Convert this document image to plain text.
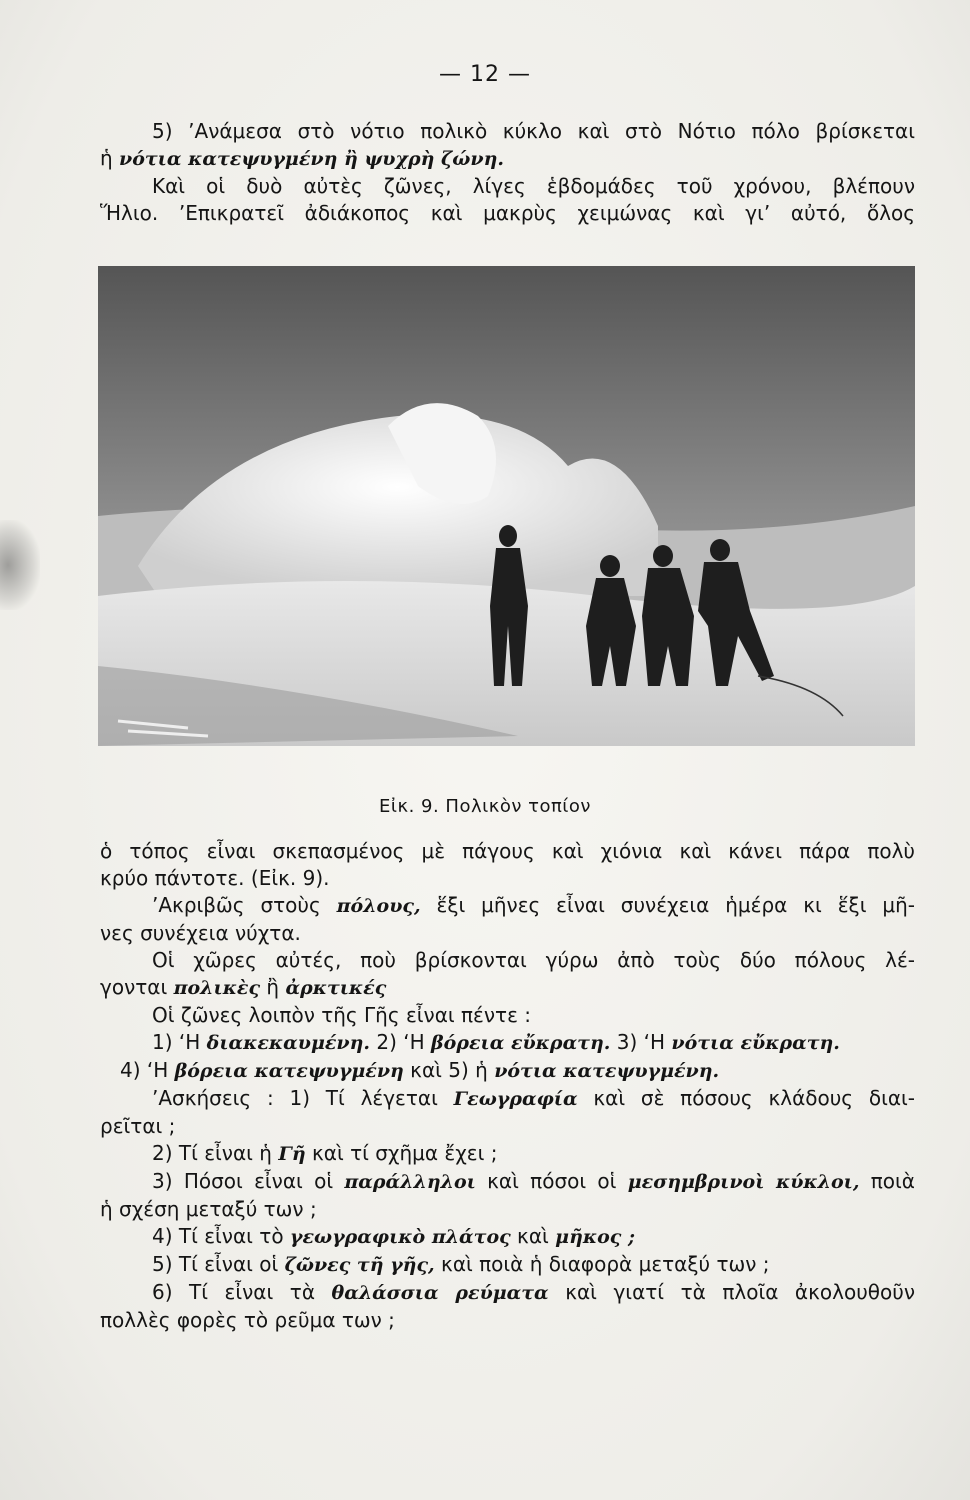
— 12 —
5) ’Ανάμεσα στὸ νότιο πολικὸ κύκλο καὶ στὸ Νότιο πόλο βρίσκεται
ἡ νότια κατεψυγμένη ἢ ψυχρὴ ζώνη.
Καὶ οἱ δυὸ αὐτὲς ζῶνες, λίγες ἑβδομάδες τοῦ χρόνου, βλέπουν
Ἥλιο. ’Επικρατεῖ ἀδιάκοπος καὶ μακρὺς χειμώνας καὶ γι’ αὐτό, ὅλος
Εἰκ. 9. Πολικὸν τοπίον
ὁ τόπος εἶναι σκεπασμένος μὲ πάγους καὶ χιόνια καὶ κάνει πάρα πολὺ
κρύο πάντοτε. (Εἰκ. 9).
’Ακριβῶς στοὺς πόλους, ἕξι μῆνες εἶναι συνέχεια ἡμέρα κι ἕξι μῆ-
νες συνέχεια νύχτα.
Οἱ χῶρες αὐτές, ποὺ βρίσκονται γύρω ἀπὸ τοὺς δύο πόλους λέ-
γονται πολικὲς ἢ ἀρκτικές
Οἱ ζῶνες λοιπὸν τῆς Γῆς εἶναι πέντε :
1) ‘Η διακεκαυμένη. 2) ‘Η βόρεια εὔκρατη. 3) ‘Η νότια εὔκρατη.
4) ‘Η βόρεια κατεψυγμένη καὶ 5) ἡ νότια κατεψυγμένη.
’Ασκήσεις : 1) Τί λέγεται Γεωγραφία καὶ σὲ πόσους κλάδους διαι-
ρεῖται ;
2) Τί εἶναι ἡ Γῆ καὶ τί σχῆμα ἔχει ;
3) Πόσοι εἶναι οἱ παράλληλοι καὶ πόσοι οἱ μεσημβρινοὶ κύκλοι, ποιὰ
ἡ σχέση μεταξύ των ;
4) Τί εἶναι τὸ γεωγραφικὸ πλάτος καὶ μῆκος ;
5) Τί εἶναι οἱ ζῶνες τῆ γῆς, καὶ ποιὰ ἡ διαφορὰ μεταξύ των ;
6) Τί εἶναι τὰ θαλάσσια ρεύματα καὶ γιατί τὰ πλοῖα ἀκολουθοῦν
πολλὲς φορὲς τὸ ρεῦμα των ;
